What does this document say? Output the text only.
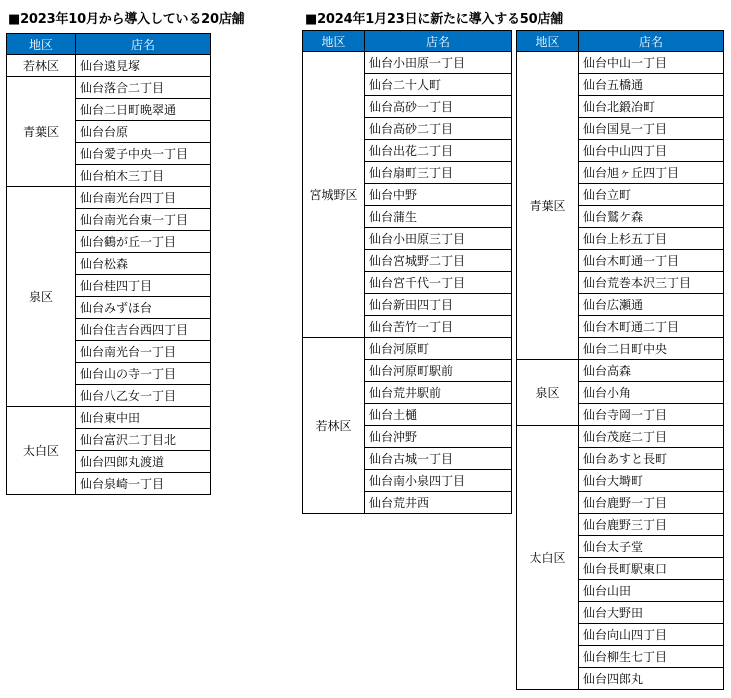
■2023年10月から導入している20店舗	■2024年1月23日に新たに導入する50店舗
地区	店名
若林区	仙台遠見塚
青葉区	仙台落合二丁目
	仙台二日町晩翠通
	仙台台原
	仙台愛子中央一丁目
	仙台柏木三丁目
泉区	仙台南光台四丁目
	仙台南光台東一丁目
	仙台鶴が丘一丁目
	仙台松森
	仙台桂四丁目
	仙台みずほ台
	仙台住吉台西四丁目
	仙台南光台一丁目
	仙台山の寺一丁目
	仙台八乙女一丁目
太白区	仙台東中田
	仙台富沢二丁目北
	仙台四郎丸渡道
	仙台泉崎一丁目
地区	店名
宮城野区	仙台小田原一丁目
	仙台二十人町
	仙台高砂一丁目
	仙台高砂二丁目
	仙台出花二丁目
	仙台扇町三丁目
	仙台中野
	仙台蒲生
	仙台小田原三丁目
	仙台宮城野二丁目
	仙台宮千代一丁目
	仙台新田四丁目
	仙台苦竹一丁目
若林区	仙台河原町
	仙台河原町駅前
	仙台荒井駅前
	仙台土樋
	仙台沖野
	仙台古城一丁目
	仙台南小泉四丁目
	仙台荒井西
地区	店名
青葉区	仙台中山一丁目
	仙台五橋通
	仙台北鍛冶町
	仙台国見一丁目
	仙台中山四丁目
	仙台旭ヶ丘四丁目
	仙台立町
	仙台鷲ケ森
	仙台上杉五丁目
	仙台木町通一丁目
	仙台荒巻本沢三丁目
	仙台広瀬通
	仙台木町通二丁目
	仙台二日町中央
泉区	仙台高森
	仙台小角
	仙台寺岡一丁目
太白区	仙台茂庭二丁目
	仙台あすと長町
	仙台大塒町
	仙台鹿野一丁目
	仙台鹿野三丁目
	仙台太子堂
	仙台長町駅東口
	仙台山田
	仙台大野田
	仙台向山四丁目
	仙台柳生七丁目
	仙台四郎丸
